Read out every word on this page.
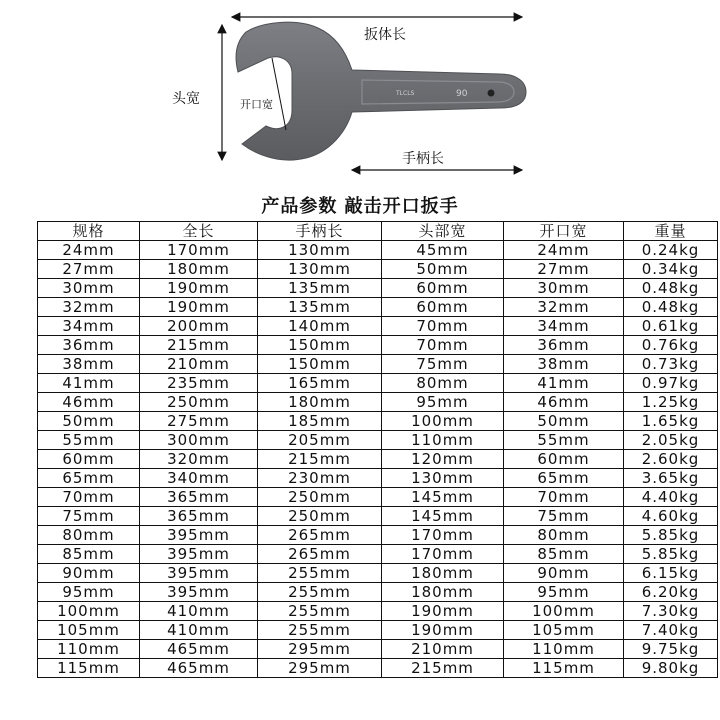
TLCLS	90
扳体长
头宽	开口宽
手柄长
产品参数 敲击开口扳手
规格	全长	手柄长	头部宽	开口宽	重量
24mm	170mm	130mm	45mm	24mm	0.24kg
27mm	180mm	130mm	50mm	27mm	0.34kg
30mm	190mm	135mm	60mm	30mm	0.48kg
32mm	190mm	135mm	60mm	32mm	0.48kg
34mm	200mm	140mm	70mm	34mm	0.61kg
36mm	215mm	150mm	70mm	36mm	0.76kg
38mm	210mm	150mm	75mm	38mm	0.73kg
41mm	235mm	165mm	80mm	41mm	0.97kg
46mm	250mm	180mm	95mm	46mm	1.25kg
50mm	275mm	185mm	100mm	50mm	1.65kg
55mm	300mm	205mm	110mm	55mm	2.05kg
60mm	320mm	215mm	120mm	60mm	2.60kg
65mm	340mm	230mm	130mm	65mm	3.65kg
70mm	365mm	250mm	145mm	70mm	4.40kg
75mm	365mm	250mm	145mm	75mm	4.60kg
80mm	395mm	265mm	170mm	80mm	5.85kg
85mm	395mm	265mm	170mm	85mm	5.85kg
90mm	395mm	255mm	180mm	90mm	6.15kg
95mm	395mm	255mm	180mm	95mm	6.20kg
100mm	410mm	255mm	190mm	100mm	7.30kg
105mm	410mm	255mm	190mm	105mm	7.40kg
110mm	465mm	295mm	210mm	110mm	9.75kg
115mm	465mm	295mm	215mm	115mm	9.80kg
